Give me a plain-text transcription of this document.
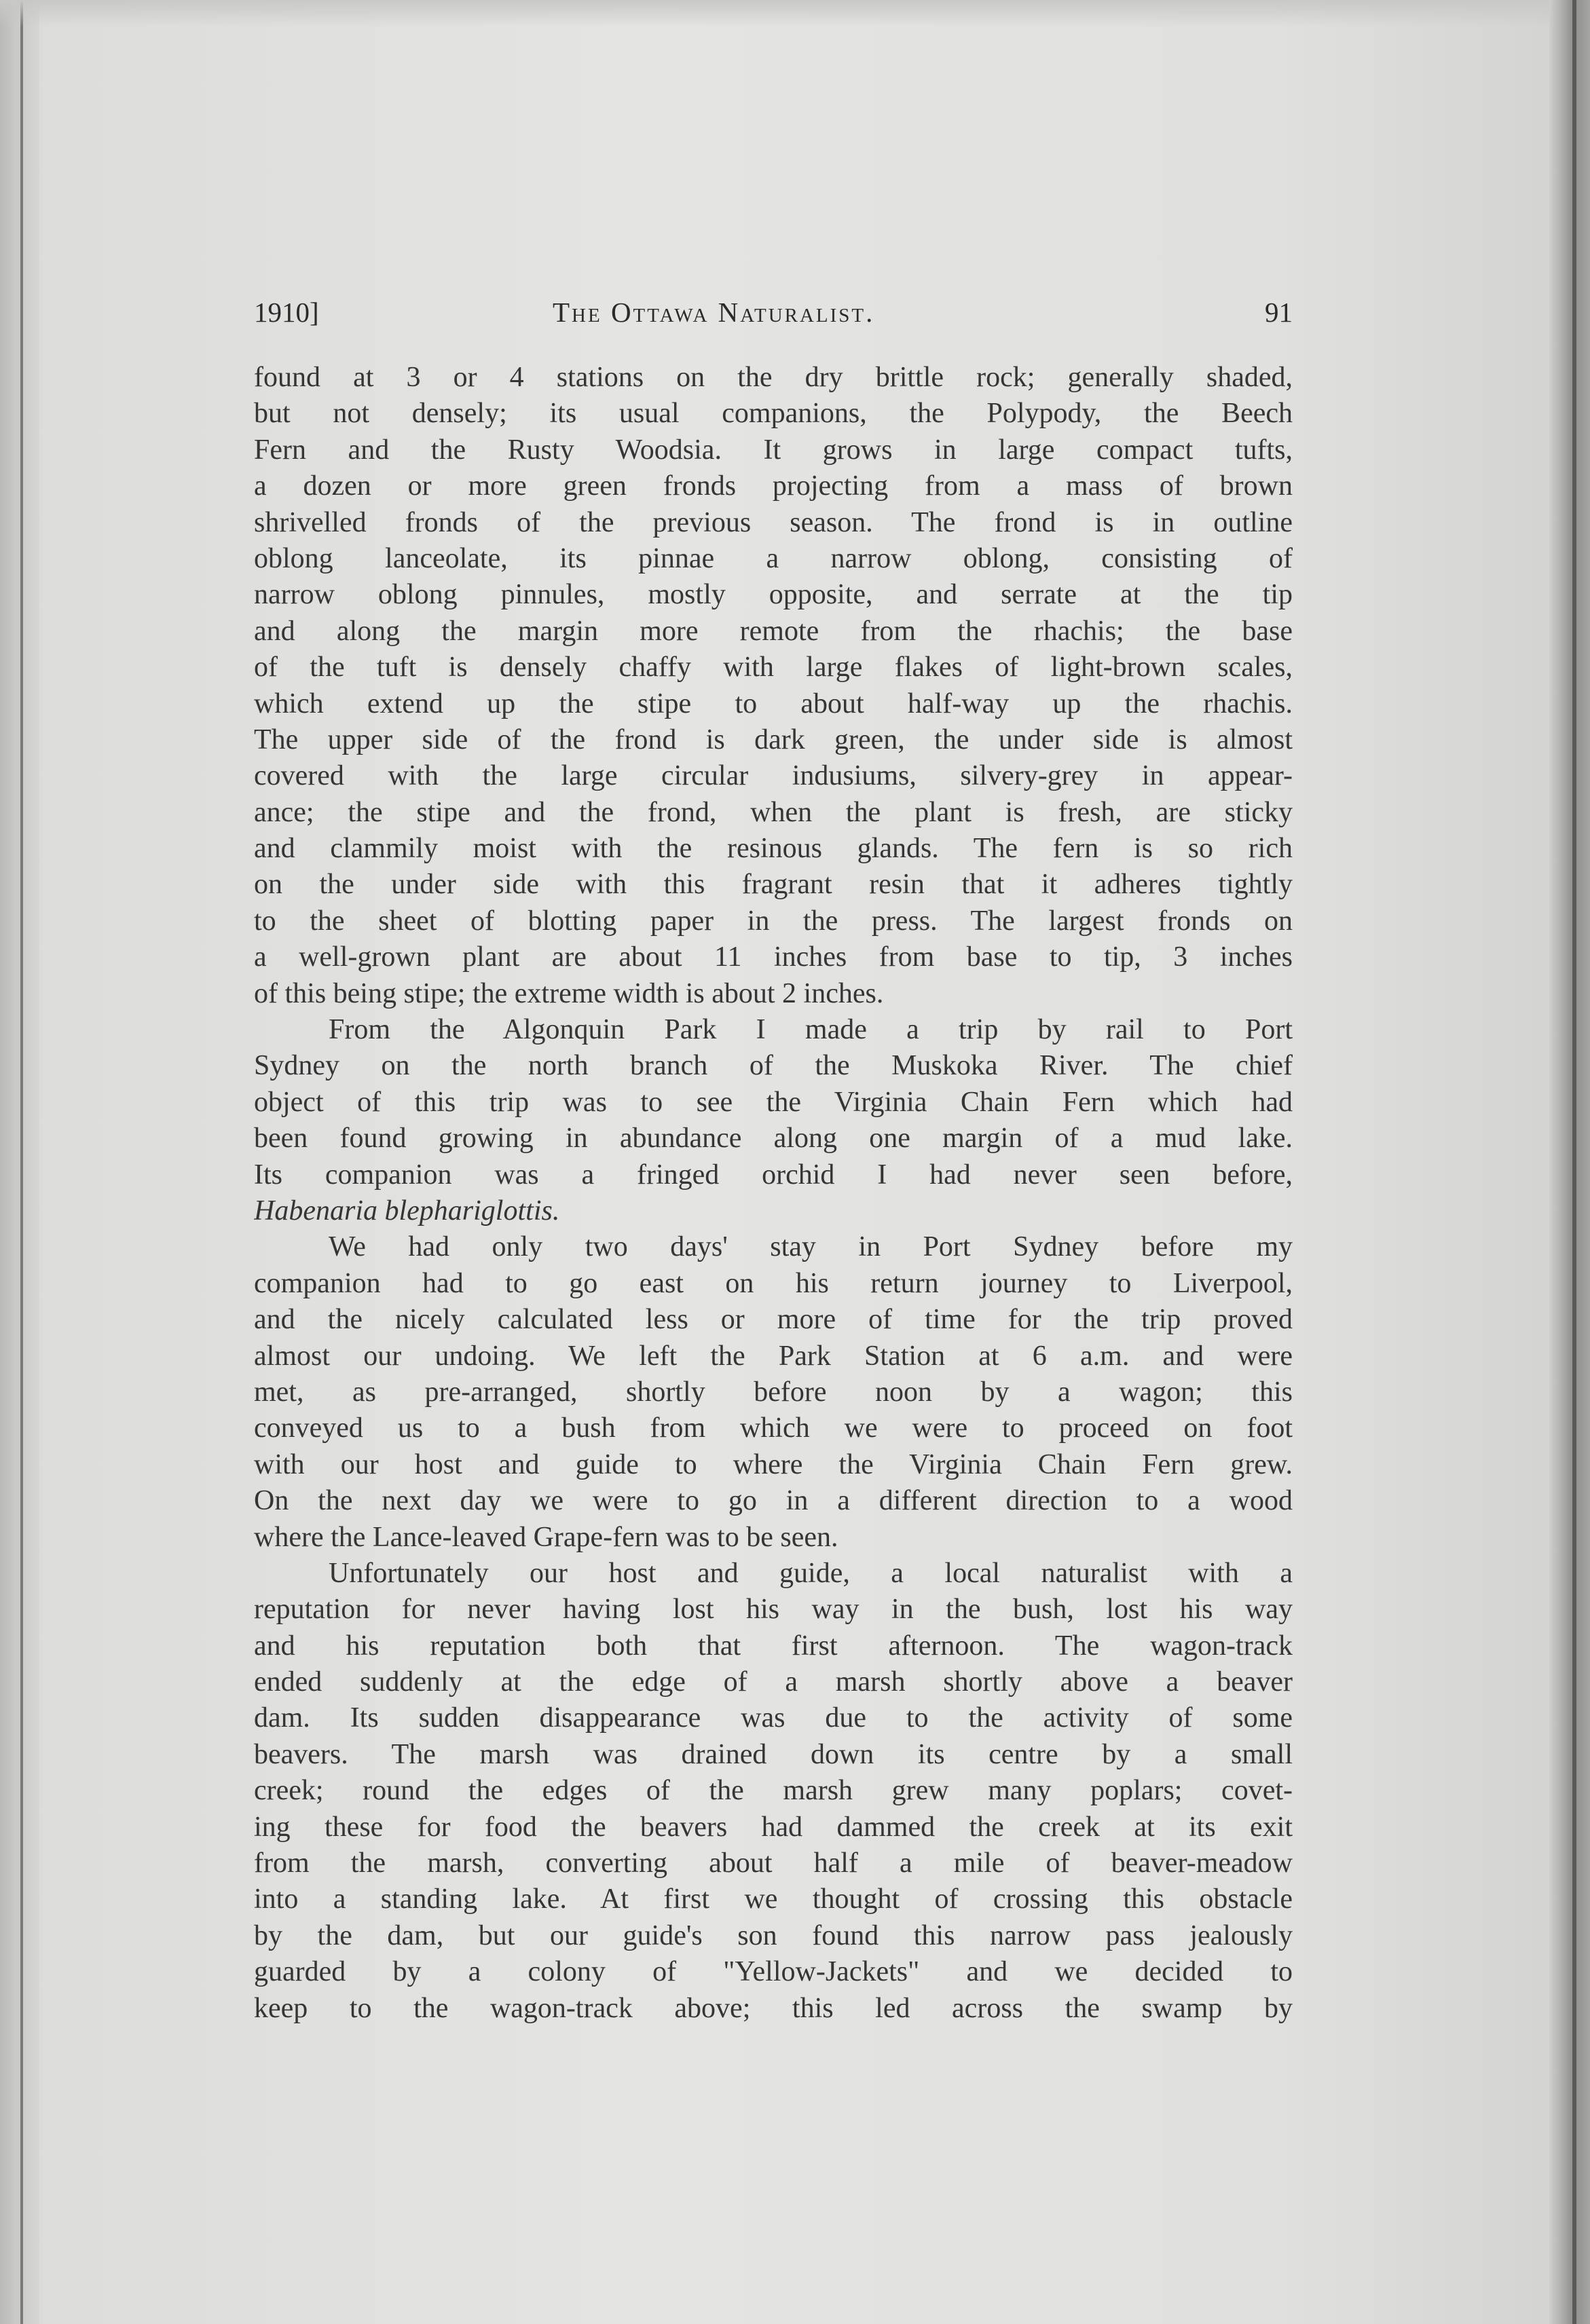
1910]	The Ottawa Naturalist.	91
found at 3 or 4 stations on the dry brittle rock; generally shaded,
but not densely; its usual companions, the Polypody, the Beech
Fern and the Rusty Woodsia. It grows in large compact tufts,
a dozen or more green fronds projecting from a mass of brown
shrivelled fronds of the previous season. The frond is in outline
oblong lanceolate, its pinnae a narrow oblong, consisting of
narrow oblong pinnules, mostly opposite, and serrate at the tip
and along the margin more remote from the rhachis; the base
of the tuft is densely chaffy with large flakes of light-brown scales,
which extend up the stipe to about half-way up the rhachis.
The upper side of the frond is dark green, the under side is almost
covered with the large circular indusiums, silvery-grey in appear-
ance; the stipe and the frond, when the plant is fresh, are sticky
and clammily moist with the resinous glands. The fern is so rich
on the under side with this fragrant resin that it adheres tightly
to the sheet of blotting paper in the press. The largest fronds on
a well-grown plant are about 11 inches from base to tip, 3 inches
of this being stipe; the extreme width is about 2 inches.
From the Algonquin Park I made a trip by rail to Port
Sydney on the north branch of the Muskoka River. The chief
object of this trip was to see the Virginia Chain Fern which had
been found growing in abundance along one margin of a mud lake.
Its companion was a fringed orchid I had never seen before,
Habenaria blephariglottis.
We had only two days' stay in Port Sydney before my
companion had to go east on his return journey to Liverpool,
and the nicely calculated less or more of time for the trip proved
almost our undoing. We left the Park Station at 6 a.m. and were
met, as pre-arranged, shortly before noon by a wagon; this
conveyed us to a bush from which we were to proceed on foot
with our host and guide to where the Virginia Chain Fern grew.
On the next day we were to go in a different direction to a wood
where the Lance-leaved Grape-fern was to be seen.
Unfortunately our host and guide, a local naturalist with a
reputation for never having lost his way in the bush, lost his way
and his reputation both that first afternoon. The wagon-track
ended suddenly at the edge of a marsh shortly above a beaver
dam. Its sudden disappearance was due to the activity of some
beavers. The marsh was drained down its centre by a small
creek; round the edges of the marsh grew many poplars; covet-
ing these for food the beavers had dammed the creek at its exit
from the marsh, converting about half a mile of beaver-meadow
into a standing lake. At first we thought of crossing this obstacle
by the dam, but our guide's son found this narrow pass jealously
guarded by a colony of "Yellow-Jackets" and we decided to
keep to the wagon-track above; this led across the swamp by
